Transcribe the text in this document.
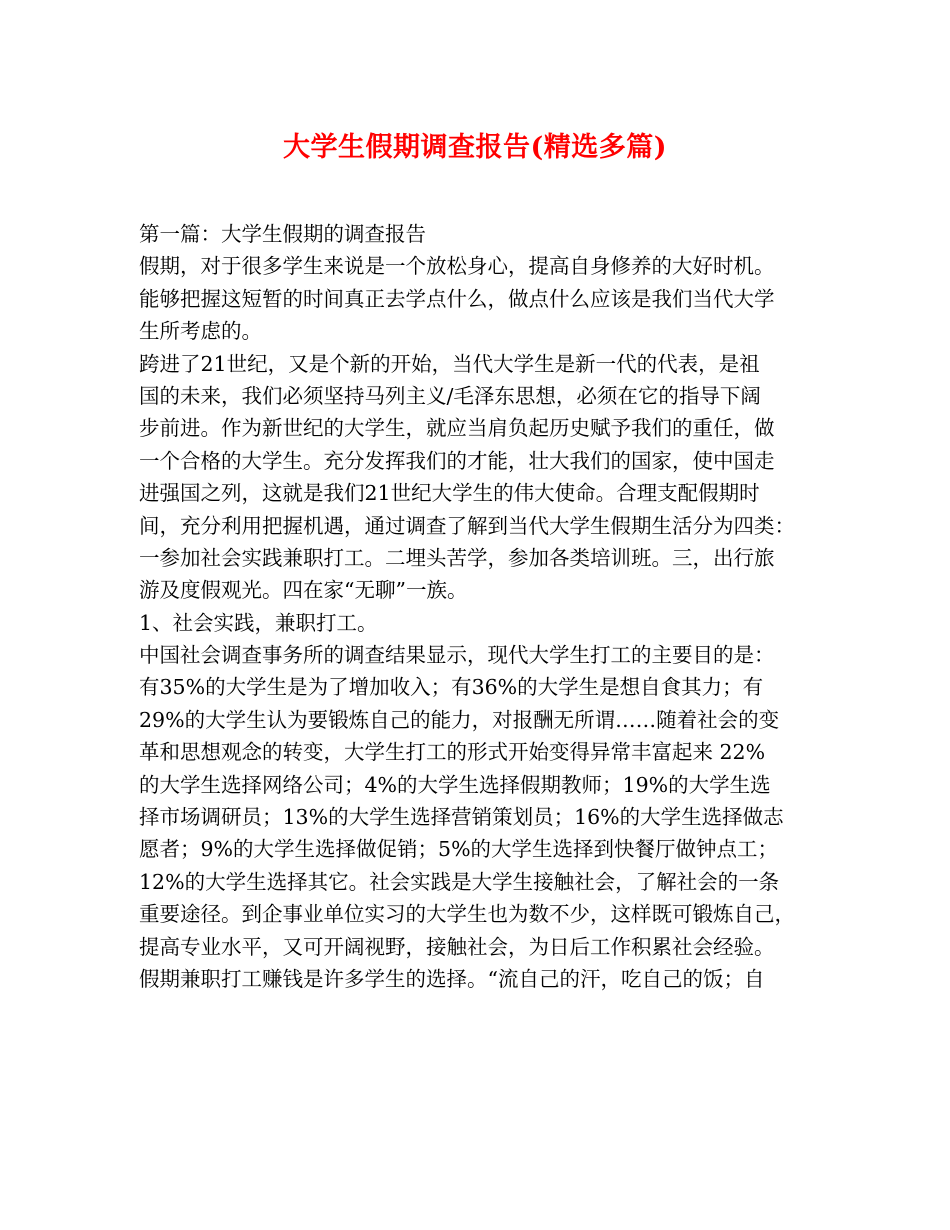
大学生假期调查报告(精选多篇)
第一篇：大学生假期的调查报告
假期，对于很多学生来说是一个放松身心，提高自身修养的大好时机。
能够把握这短暂的时间真正去学点什么，做点什么应该是我们当代大学
生所考虑的。
跨进了21世纪，又是个新的开始，当代大学生是新一代的代表，是祖
国的未来，我们必须坚持马列主义/毛泽东思想，必须在它的指导下阔
步前进。作为新世纪的大学生，就应当肩负起历史赋予我们的重任，做
一个合格的大学生。充分发挥我们的才能，壮大我们的国家，使中国走
进强国之列，这就是我们21世纪大学生的伟大使命。合理支配假期时
间，充分利用把握机遇，通过调查了解到当代大学生假期生活分为四类：
一参加社会实践兼职打工。二埋头苦学，参加各类培训班。三，出行旅
游及度假观光。四在家“无聊”一族。
1、社会实践，兼职打工。
中国社会调查事务所的调查结果显示，现代大学生打工的主要目的是：
有35%的大学生是为了增加收入；有36%的大学生是想自食其力；有
29%的大学生认为要锻炼自己的能力，对报酬无所谓……随着社会的变
革和思想观念的转变，大学生打工的形式开始变得异常丰富起来 22%
的大学生选择网络公司；4%的大学生选择假期教师；19%的大学生选
择市场调研员；13%的大学生选择营销策划员；16%的大学生选择做志
愿者；9%的大学生选择做促销；5%的大学生选择到快餐厅做钟点工；
12%的大学生选择其它。社会实践是大学生接触社会，了解社会的一条
重要途径。到企事业单位实习的大学生也为数不少，这样既可锻炼自己，
提高专业水平，又可开阔视野，接触社会，为日后工作积累社会经验。
假期兼职打工赚钱是许多学生的选择。“流自己的汗，吃自己的饭；自
